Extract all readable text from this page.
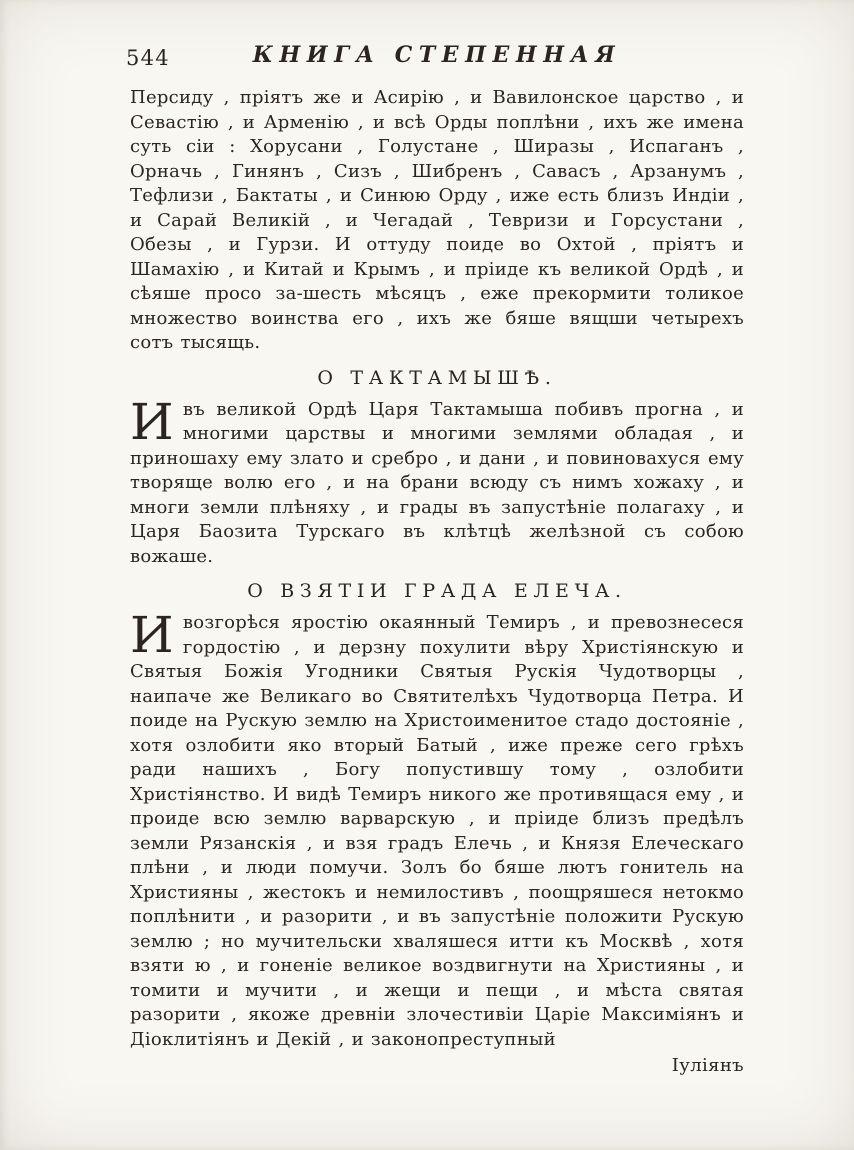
544	КНИГА СТЕПЕННАЯ

Персиду , пріятъ же и Асирію , и Вавилонское царство , и Севастію , и Арменію , и всѣ Орды поплѣни , ихъ же имена суть сіи : Хорусани , Голустане , Ширазы , Испаганъ , Орначь , Гинянъ , Сизъ , Шибренъ , Савасъ , Арзанумъ , Тефлизи , Бактаты , и Синюю Орду , иже есть близъ Индіи , и Сарай Великій , и Чегадай , Тевризи и Горсустани , Обезы , и Гурзи. И оттуду поиде во Охтой , пріятъ и Шамахію , и Китай и Крымъ , и пріиде къ великой Ордѣ , и сѣяше просо за‑шесть мѣсяцъ , еже прекормити толикое множество воинства его , ихъ же бяше вящши четырехъ сотъ тысящь.

О ТАКТАМЫШѢ.

Ивъ великой Ордѣ Царя Тактамыша побивъ прогна , и многими царствы и многими землями обладая , и приношаху ему злато и сребро , и дани , и повиновахуся ему творяще волю его , и на брани всюду съ нимъ хожаху , и многи земли плѣняху , и грады въ запустѣніе полагаху , и Царя Баозита Турскаго въ клѣтцѣ желѣзной съ собою вожаше.

О ВЗЯТІИ ГРАДА ЕЛЕЧА.

Ивозгорѣся яростію окаянный Темиръ , и превознесеся гордостію , и дерзну похулити вѣру Христіянскую и Святыя Божія Угодники Святыя Рускія Чудотворцы , наипаче же Великаго во Святителѣхъ Чудотворца Петра. И поиде на Рускую землю на Христоименитое стадо достояніе , хотя озлобити яко вторый Батый , иже преже сего грѣхъ ради нашихъ , Богу попустившу тому , озлобити Христіянство. И видѣ Темиръ никого же противящася ему , и проиде всю землю варварскую , и пріиде близъ предѣлъ земли Рязанскія , и взя градъ Елечь , и Князя Елеческаго плѣни , и люди помучи. Золъ бо бяше лютъ гонитель на Християны , жестокъ и немилостивъ , поощряшеся нетокмо поплѣнити , и разорити , и въ запустѣніе положити Рускую землю ; но мучительски хваляшеся итти къ Москвѣ , хотя взяти ю , и гоненіе великое воздвигнути на Християны , и томити и мучити , и жещи и пещи , и мѣста святая разорити , якоже древніи злочестивіи Царіе Максиміянъ и Діоклитіянъ и Декій , и законопреступный

Іуліянъ
